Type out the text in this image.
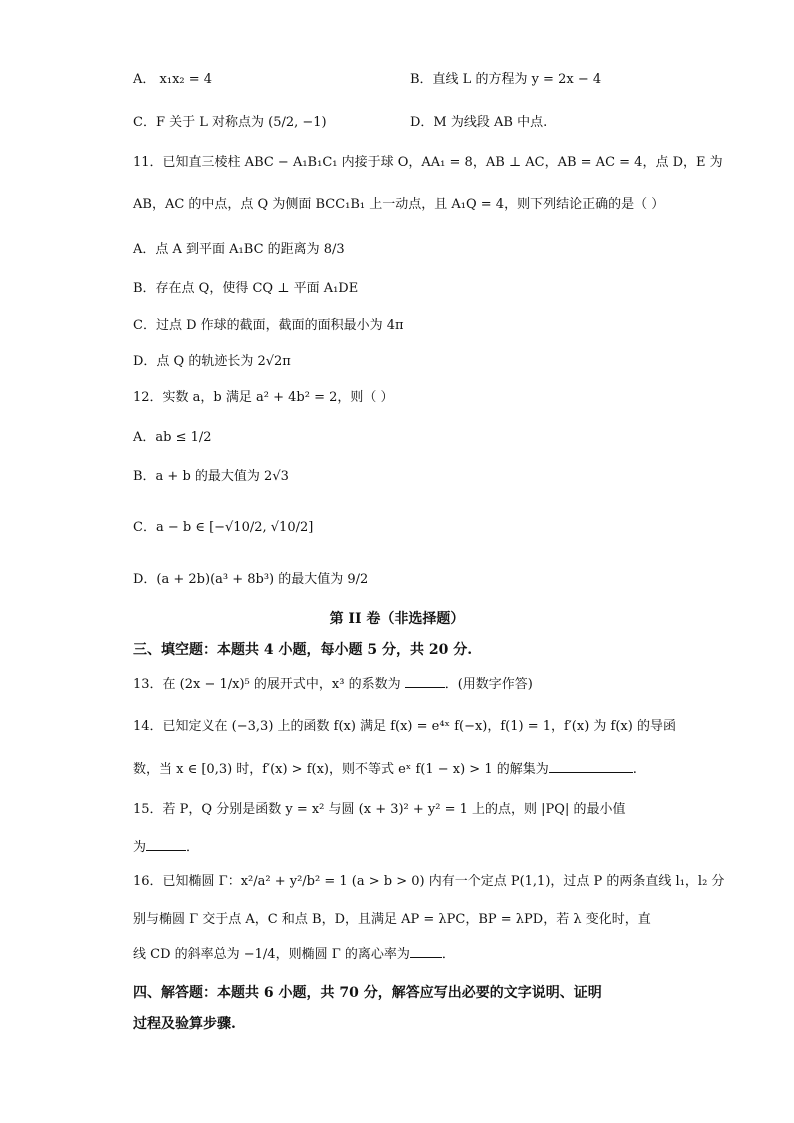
A． x₁x₂ = 4	B．直线 L 的方程为 y = 2x − 4
C．F 关于 L 对称点为 (5/2, −1)	D．M 为线段 AB 中点.
11．已知直三棱柱 ABC − A₁B₁C₁ 内接于球 O，AA₁ = 8，AB ⊥ AC，AB = AC = 4，点 D，E 为
AB，AC 的中点，点 Q 为侧面 BCC₁B₁ 上一动点，且 A₁Q = 4，则下列结论正确的是（ ）
A．点 A 到平面 A₁BC 的距离为 8/3
B．存在点 Q，使得 CQ ⊥ 平面 A₁DE
C．过点 D 作球的截面，截面的面积最小为 4π
D．点 Q 的轨迹长为 2√2π
12．实数 a，b 满足 a² + 4b² = 2，则（ ）
A．ab ≤ 1/2
B．a + b 的最大值为 2√3
C．a − b ∈ [−√10/2, √10/2]
D．(a + 2b)(a³ + 8b³) 的最大值为 9/2
第 II 卷（非选择题）
三、填空题：本题共 4 小题，每小题 5 分，共 20 分.
13．在 (2x − 1/x)⁵ 的展开式中，x³ 的系数为	．(用数字作答)
14．已知定义在 (−3,3) 上的函数 f(x) 满足 f(x) = e⁴ˣ f(−x)，f(1) = 1，f′(x) 为 f(x) 的导函
数，当 x ∈ [0,3) 时，f′(x) > f(x)，则不等式 eˣ f(1 − x) > 1 的解集为	.
15．若 P，Q 分别是函数 y = x² 与圆 (x + 3)² + y² = 1 上的点，则 |PQ| 的最小值
为	．
16．已知椭圆 Γ：x²/a² + y²/b² = 1 (a > b > 0) 内有一个定点 P(1,1)，过点 P 的两条直线 l₁，l₂ 分
别与椭圆 Γ 交于点 A，C 和点 B，D，且满足 AP = λPC，BP = λPD，若 λ 变化时，直
线 CD 的斜率总为 −1/4，则椭圆 Γ 的离心率为 ．
四、解答题：本题共 6 小题，共 70 分，解答应写出必要的文字说明、证明
过程及验算步骤.
